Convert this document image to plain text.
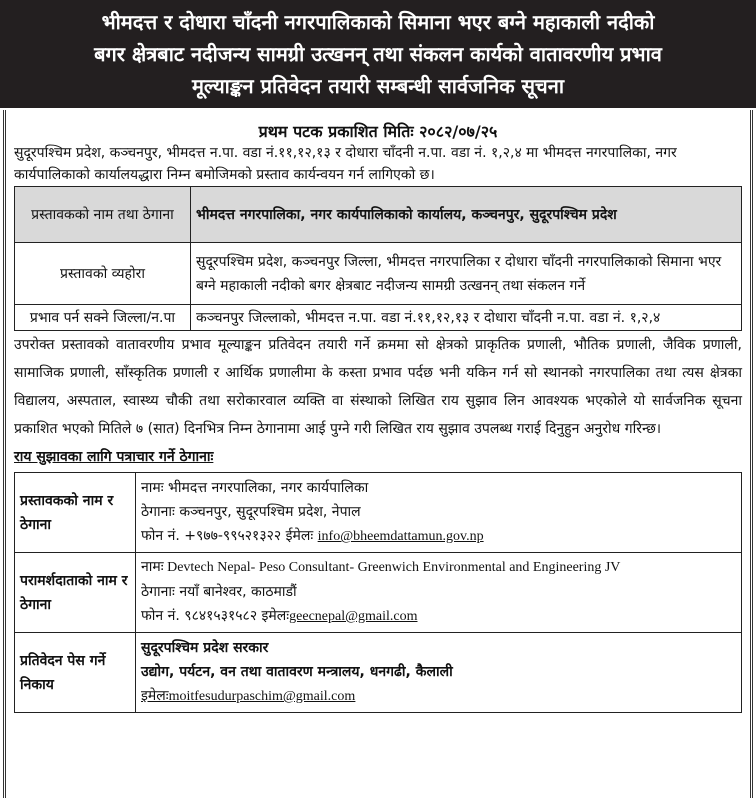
भीमदत्त र दोधारा चाँदनी नगरपालिकाको सिमाना भएर बग्ने महाकाली नदीको
बगर क्षेत्रबाट नदीजन्य सामग्री उत्खनन् तथा संकलन कार्यको वातावरणीय प्रभाव
मूल्याङ्कन प्रतिवेदन तयारी सम्बन्धी सार्वजनिक सूचना
प्रथम पटक प्रकाशित मितिः २०८२/०७/२५
सुदूरपश्चिम प्रदेश, कञ्चनपुर, भीमदत्त न.पा. वडा नं.११,१२,१३ र दोधारा चाँदनी न.पा. वडा नं. १,२,४ मा भीमदत्त नगरपालिका, नगर कार्यपालिकाको कार्यालयद्धारा निम्न बमोजिमको प्रस्ताव कार्यन्वयन गर्न लागिएको छ।
प्रस्तावकको नाम तथा ठेगाना	भीमदत्त नगरपालिका, नगर कार्यपालिकाको कार्यालय, कञ्चनपुर, सुदूरपश्चिम प्रदेश
प्रस्तावको व्यहोरा	सुदूरपश्चिम प्रदेश, कञ्चनपुर जिल्ला, भीमदत्त नगरपालिका र दोधारा चाँदनी नगरपालिकाको सिमाना भएर बग्ने महाकाली नदीको बगर क्षेत्रबाट नदीजन्य सामग्री उत्खनन् तथा संकलन गर्ने
प्रभाव पर्न सक्ने जिल्ला/न.पा	कञ्चनपुर जिल्लाको, भीमदत्त न.पा. वडा नं.११,१२,१३ र दोधारा चाँदनी न.पा. वडा नं. १,२,४
उपरोक्त प्रस्तावको वातावरणीय प्रभाव मूल्याङ्कन प्रतिवेदन तयारी गर्ने क्रममा सो क्षेत्रको प्राकृतिक प्रणाली, भौतिक प्रणाली, जैविक प्रणाली, सामाजिक प्रणाली, साँस्कृतिक प्रणाली र आर्थिक प्रणालीमा के कस्ता प्रभाव पर्दछ भनी यकिन गर्न सो स्थानको नगरपालिका तथा त्यस क्षेत्रका विद्यालय, अस्पताल, स्वास्थ्य चौकी तथा सरोकारवाल व्यक्ति वा संस्थाको लिखित राय सुझाव लिन आवश्यक भएकोले यो सार्वजनिक सूचना प्रकाशित भएको मितिले ७ (सात) दिनभित्र निम्न ठेगानामा आई पुग्ने गरी लिखित राय सुझाव उपलब्ध गराई दिनुहुन अनुरोध गरिन्छ।
राय सुझावका लागि पत्राचार गर्ने ठेगानाः
प्रस्तावकको नाम र ठेगाना	नामः भीमदत्त नगरपालिका, नगर कार्यपालिका
ठेगानाः कञ्चनपुर, सुदूरपश्चिम प्रदेश, नेपाल
फोन नं. +९७७-९९५२१३२२ ईमेलः info@bheemdattamun.gov.np

परामर्शदाताको नाम र ठेगाना	नामः Devtech Nepal- Peso Consultant- Greenwich Environmental and Engineering JV
ठेगानाः नयाँ बानेश्वर, काठमाडौं
फोन नं. ९८४१५३१५८२ इमेलःgeecnepal@gmail.com

प्रतिवेदन पेस गर्ने निकाय	सुदूरपश्चिम प्रदेश सरकार
उद्योग, पर्यटन, वन तथा वातावरण मन्त्रालय, धनगढी, कैलाली
इमेलःmoitfesudurpaschim@gmail.com
